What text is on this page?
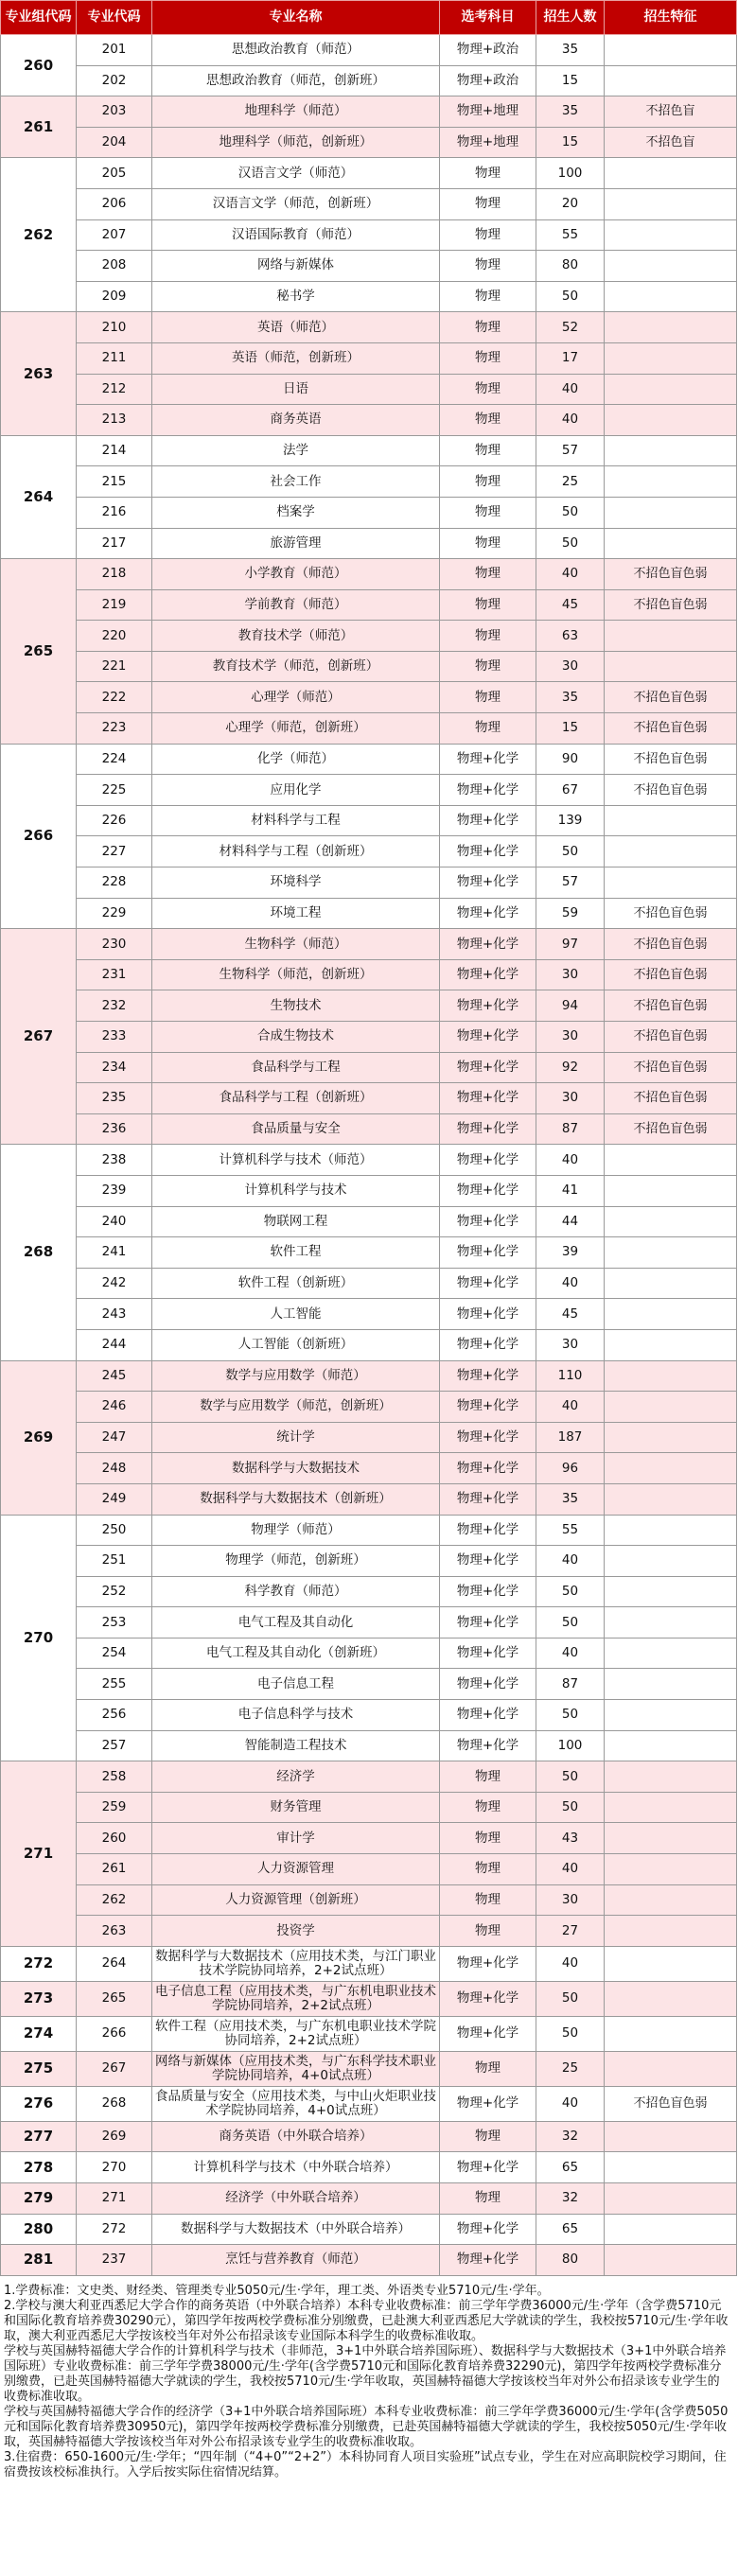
专业组代码	专业代码	专业名称	选考科目	招生人数	招生特征
260	201	思想政治教育（师范）	物理+政治	35	
	202	思想政治教育（师范，创新班）	物理+政治	15	
261	203	地理科学（师范）	物理+地理	35	不招色盲
	204	地理科学（师范，创新班）	物理+地理	15	不招色盲
262	205	汉语言文学（师范）	物理	100	
	206	汉语言文学（师范，创新班）	物理	20	
	207	汉语国际教育（师范）	物理	55	
	208	网络与新媒体	物理	80	
	209	秘书学	物理	50	
263	210	英语（师范）	物理	52	
	211	英语（师范，创新班）	物理	17	
	212	日语	物理	40	
	213	商务英语	物理	40	
264	214	法学	物理	57	
	215	社会工作	物理	25	
	216	档案学	物理	50	
	217	旅游管理	物理	50	
265	218	小学教育（师范）	物理	40	不招色盲色弱
	219	学前教育（师范）	物理	45	不招色盲色弱
	220	教育技术学（师范）	物理	63	
	221	教育技术学（师范，创新班）	物理	30	
	222	心理学（师范）	物理	35	不招色盲色弱
	223	心理学（师范，创新班）	物理	15	不招色盲色弱
266	224	化学（师范）	物理+化学	90	不招色盲色弱
	225	应用化学	物理+化学	67	不招色盲色弱
	226	材料科学与工程	物理+化学	139	
	227	材料科学与工程（创新班）	物理+化学	50	
	228	环境科学	物理+化学	57	
	229	环境工程	物理+化学	59	不招色盲色弱
267	230	生物科学（师范）	物理+化学	97	不招色盲色弱
	231	生物科学（师范，创新班）	物理+化学	30	不招色盲色弱
	232	生物技术	物理+化学	94	不招色盲色弱
	233	合成生物技术	物理+化学	30	不招色盲色弱
	234	食品科学与工程	物理+化学	92	不招色盲色弱
	235	食品科学与工程（创新班）	物理+化学	30	不招色盲色弱
	236	食品质量与安全	物理+化学	87	不招色盲色弱
268	238	计算机科学与技术（师范）	物理+化学	40	
	239	计算机科学与技术	物理+化学	41	
	240	物联网工程	物理+化学	44	
	241	软件工程	物理+化学	39	
	242	软件工程（创新班）	物理+化学	40	
	243	人工智能	物理+化学	45	
	244	人工智能（创新班）	物理+化学	30	
269	245	数学与应用数学（师范）	物理+化学	110	
	246	数学与应用数学（师范，创新班）	物理+化学	40	
	247	统计学	物理+化学	187	
	248	数据科学与大数据技术	物理+化学	96	
	249	数据科学与大数据技术（创新班）	物理+化学	35	
270	250	物理学（师范）	物理+化学	55	
	251	物理学（师范，创新班）	物理+化学	40	
	252	科学教育（师范）	物理+化学	50	
	253	电气工程及其自动化	物理+化学	50	
	254	电气工程及其自动化（创新班）	物理+化学	40	
	255	电子信息工程	物理+化学	87	
	256	电子信息科学与技术	物理+化学	50	
	257	智能制造工程技术	物理+化学	100	
271	258	经济学	物理	50	
	259	财务管理	物理	50	
	260	审计学	物理	43	
	261	人力资源管理	物理	40	
	262	人力资源管理（创新班）	物理	30	
	263	投资学	物理	27	
272	264	数据科学与大数据技术（应用技术类，与江门职业技术学院协同培养，2+2试点班）	物理+化学	40	
273	265	电子信息工程（应用技术类，与广东机电职业技术学院协同培养，2+2试点班）	物理+化学	50	
274	266	软件工程（应用技术类，与广东机电职业技术学院协同培养，2+2试点班）	物理+化学	50	
275	267	网络与新媒体（应用技术类，与广东科学技术职业学院协同培养，4+0试点班）	物理	25	
276	268	食品质量与安全（应用技术类，与中山火炬职业技术学院协同培养，4+0试点班）	物理+化学	40	不招色盲色弱
277	269	商务英语（中外联合培养）	物理	32	
278	270	计算机科学与技术（中外联合培养）	物理+化学	65	
279	271	经济学（中外联合培养）	物理	32	
280	272	数据科学与大数据技术（中外联合培养）	物理+化学	65	
281	237	烹饪与营养教育（师范）	物理+化学	80	

1.学费标准：文史类、财经类、管理类专业5050元/生·学年，理工类、外语类专业5710元/生·学年。

2.学校与澳大利亚西悉尼大学合作的商务英语（中外联合培养）本科专业收费标准：前三学年学费36000元/生·学年（含学费5710元和国际化教育培养费30290元），第四学年按两校学费标准分别缴费，已赴澳大利亚西悉尼大学就读的学生，我校按5710元/生·学年收取，澳大利亚西悉尼大学按该校当年对外公布招录该专业国际本科学生的收费标准收取。

学校与英国赫特福德大学合作的计算机科学与技术（非师范，3+1中外联合培养国际班）、数据科学与大数据技术（3+1中外联合培养国际班）专业收费标准：前三学年学费38000元/生·学年(含学费5710元和国际化教育培养费32290元)，第四学年按两校学费标准分别缴费，已赴英国赫特福德大学就读的学生，我校按5710元/生·学年收取，英国赫特福德大学按该校当年对外公布招录该专业学生的收费标准收取。

学校与英国赫特福德大学合作的经济学（3+1中外联合培养国际班）本科专业收费标准：前三学年学费36000元/生·学年(含学费5050元和国际化教育培养费30950元)，第四学年按两校学费标准分别缴费，已赴英国赫特福德大学就读的学生，我校按5050元/生·学年收取，英国赫特福德大学按该校当年对外公布招录该专业学生的收费标准收取。

3.住宿费：650-1600元/生·学年；“四年制（“4+0”“2+2”）本科协同育人项目实验班”试点专业，学生在对应高职院校学习期间，住宿费按该校标准执行。入学后按实际住宿情况结算。
